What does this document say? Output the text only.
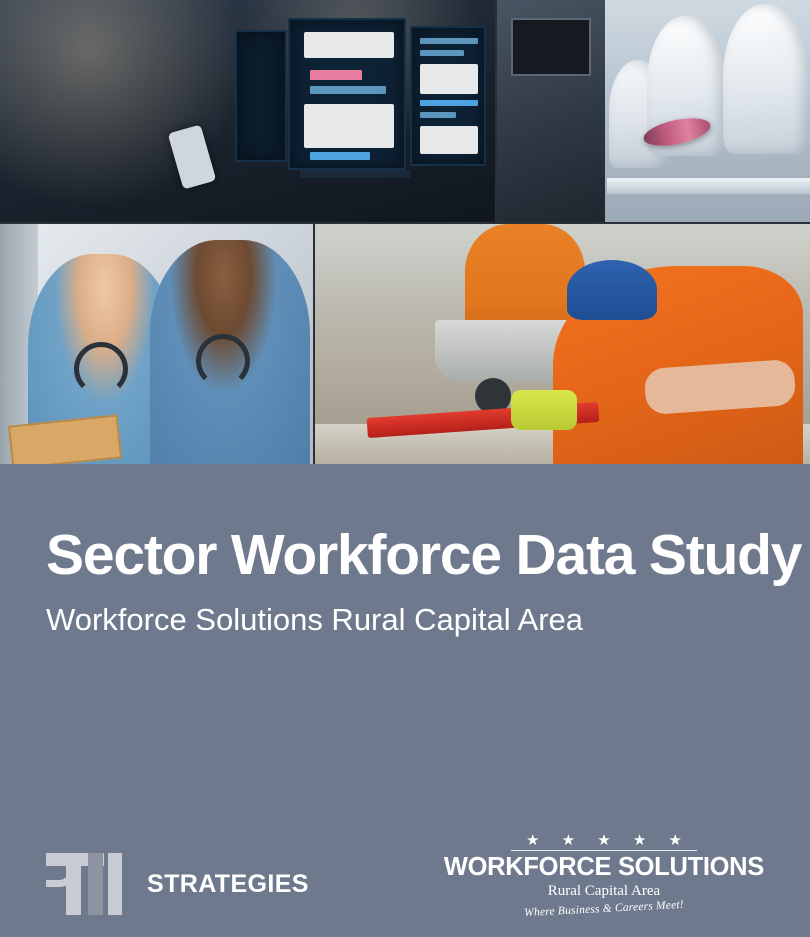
Sector Workforce Data Study
Workforce Solutions Rural Capital Area
STRATEGIES
★ ★ ★ ★ ★
WORKFORCE SOLUTIONS
Rural Capital Area
Where Business & Careers Meet!
